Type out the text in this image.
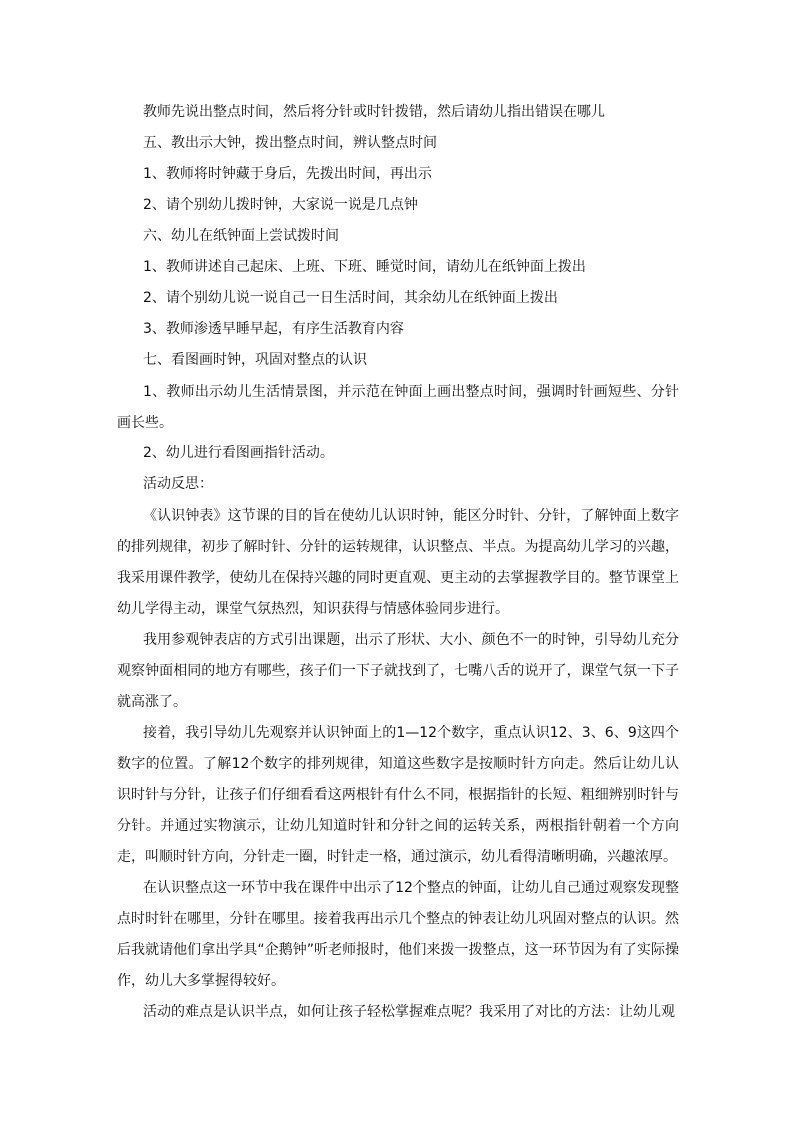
教师先说出整点时间，然后将分针或时针拨错，然后请幼儿指出错误在哪儿
五、教出示大钟，拨出整点时间，辨认整点时间
1、教师将时钟藏于身后，先拨出时间，再出示
2、请个别幼儿拨时钟，大家说一说是几点钟
六、幼儿在纸钟面上尝试拨时间
1、教师讲述自己起床、上班、下班、睡觉时间，请幼儿在纸钟面上拨出
2、请个别幼儿说一说自己一日生活时间，其余幼儿在纸钟面上拨出
3、教师渗透早睡早起，有序生活教育内容
七、看图画时钟，巩固对整点的认识

1、教师出示幼儿生活情景图，并示范在钟面上画出整点时间，强调时针画短些、分针画长些。

2、幼儿进行看图画指针活动。
活动反思：

《认识钟表》这节课的目的旨在使幼儿认识时钟，能区分时针、分针，了解钟面上数字的排列规律，初步了解时针、分针的运转规律，认识整点、半点。为提高幼儿学习的兴趣，我采用课件教学，使幼儿在保持兴趣的同时更直观、更主动的去掌握教学目的。整节课堂上幼儿学得主动，课堂气氛热烈，知识获得与情感体验同步进行。

我用参观钟表店的方式引出课题，出示了形状、大小、颜色不一的时钟，引导幼儿充分观察钟面相同的地方有哪些，孩子们一下子就找到了，七嘴八舌的说开了，课堂气氛一下子就高涨了。

接着，我引导幼儿先观察并认识钟面上的1—12个数字，重点认识12、3、6、9这四个数字的位置。了解12个数字的排列规律，知道这些数字是按顺时针方向走。然后让幼儿认识时针与分针，让孩子们仔细看看这两根针有什么不同，根据指针的长短、粗细辨别时针与分针。并通过实物演示，让幼儿知道时针和分针之间的运转关系，两根指针朝着一个方向走，叫顺时针方向，分针走一圈，时针走一格，通过演示，幼儿看得清晰明确，兴趣浓厚。

在认识整点这一环节中我在课件中出示了12个整点的钟面，让幼儿自己通过观察发现整点时时针在哪里，分针在哪里。接着我再出示几个整点的钟表让幼儿巩固对整点的认识。然后我就请他们拿出学具“企鹅钟”听老师报时，他们来拨一拨整点，这一环节因为有了实际操作，幼儿大多掌握得较好。

活动的难点是认识半点，如何让孩子轻松掌握难点呢？我采用了对比的方法：让幼儿观
